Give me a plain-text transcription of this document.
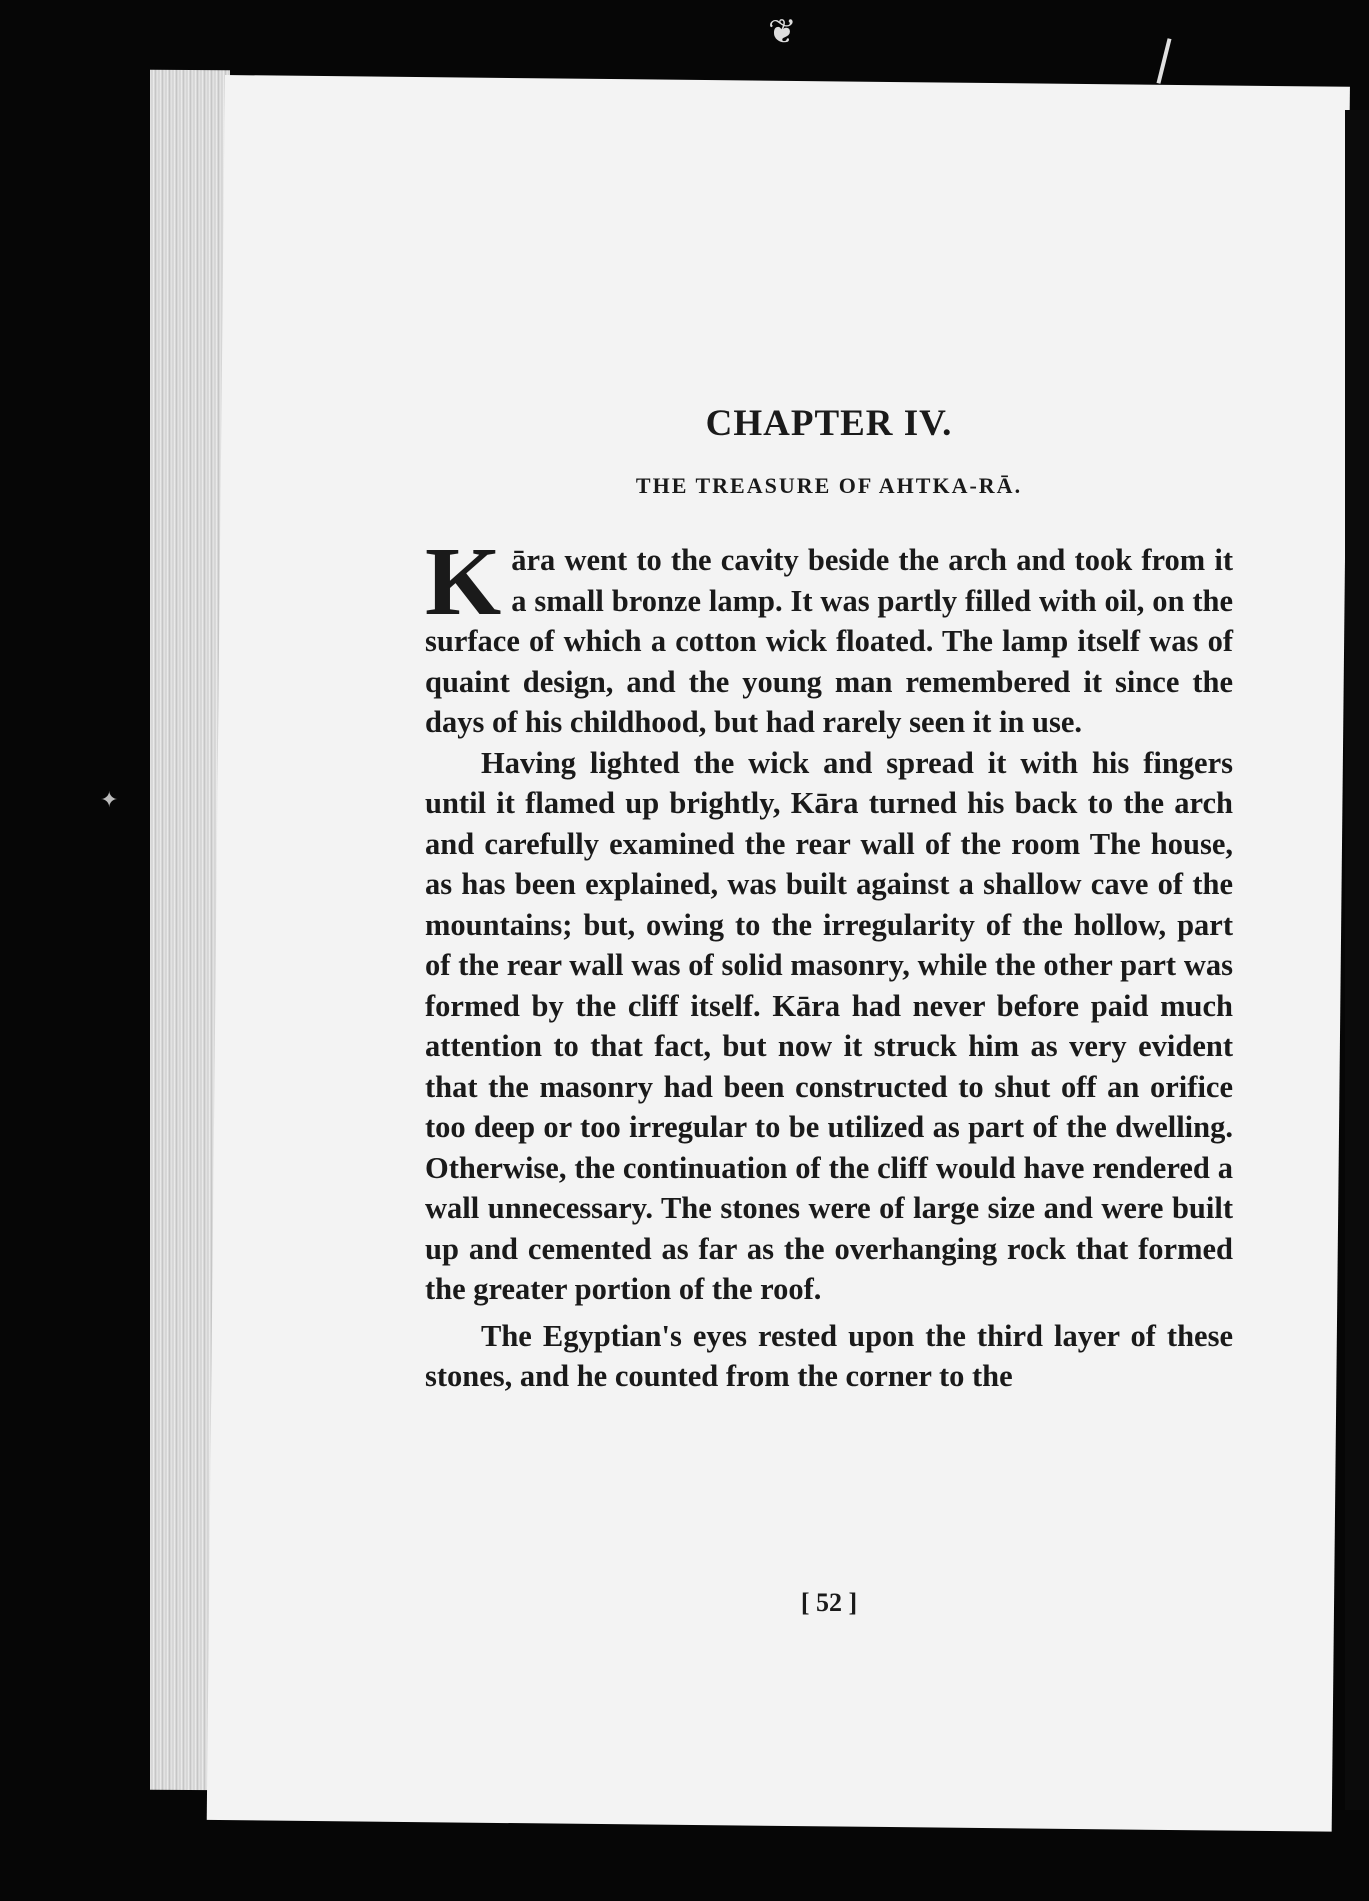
❦
✦
CHAPTER IV.
THE TREASURE OF AHTKA-RĀ.

Kāra went to the cavity beside the arch and took from it a small bronze lamp. It was partly filled with oil, on the surface of which a cotton wick floated. The lamp itself was of quaint design, and the young man remembered it since the days of his childhood, but had rarely seen it in use.

Having lighted the wick and spread it with his fingers until it flamed up brightly, Kāra turned his back to the arch and carefully examined the rear wall of the room The house, as has been explained, was built against a shallow cave of the mountains; but, owing to the irregularity of the hollow, part of the rear wall was of solid masonry, while the other part was formed by the cliff itself. Kāra had never before paid much attention to that fact, but now it struck him as very evident that the masonry had been constructed to shut off an orifice too deep or too irregular to be utilized as part of the dwelling. Otherwise, the continuation of the cliff would have rendered a wall unnecessary. The stones were of large size and were built up and cemented as far as the overhanging rock that formed the greater portion of the roof.

The Egyptian's eyes rested upon the third layer of these stones, and he counted from the corner to the

[ 52 ]
